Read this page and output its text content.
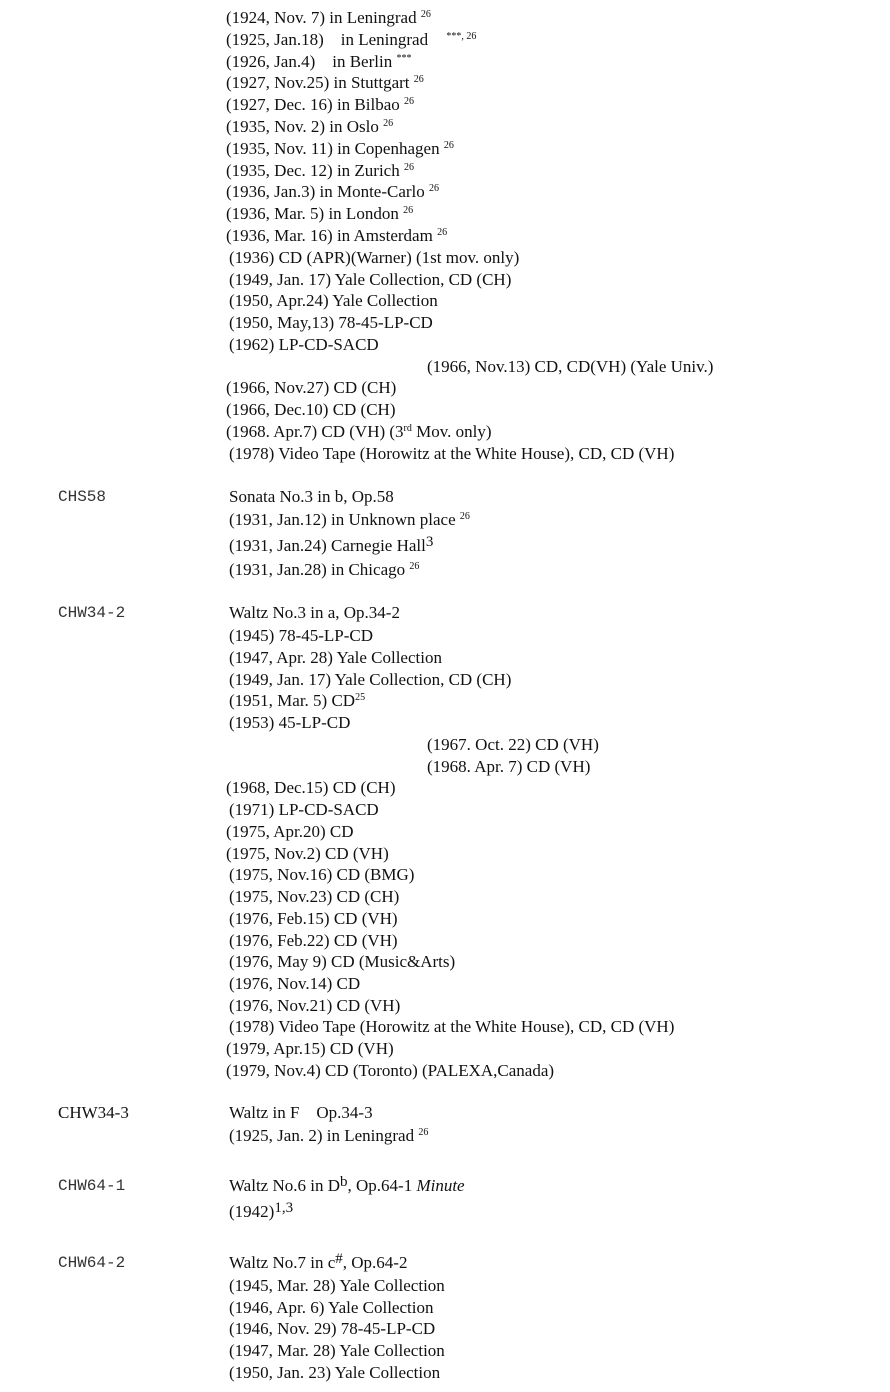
(1924, Nov. 7) in Leningrad $^{26}$
(1925, Jan.18)    in Leningrad $^{***, 26}$
(1926, Jan.4)    in Berlin ***
(1927, Nov.25) in Stuttgart $^{26}$
(1927, Dec. 16) in Bilbao $^{26}$
(1935, Nov. 2) in Oslo $^{26}$
(1935, Nov. 11) in Copenhagen $^{26}$
(1935, Dec. 12) in Zurich $^{26}$
(1936, Jan.3) in Monte-Carlo $^{26}$
(1936, Mar. 5) in London $^{26}$
(1936, Mar. 16) in Amsterdam $^{26}$
(1936) CD (APR)(Warner) (1st mov. only)
(1949, Jan. 17) Yale Collection, CD (CH)
(1950, Apr.24) Yale Collection
(1950, May,13) 78-45-LP-CD
(1962) LP-CD-SACD
(1966, Nov.13) CD, CD(VH) (Yale Univ.)
(1966, Nov.27) CD (CH)
(1966, Dec.10) CD (CH)
(1968. Apr.7) CD (VH) (3rd Mov. only)
(1978) Video Tape (Horowitz at the White House), CD, CD (VH)
CHS58	Sonata No.3 in b, Op.58
(1931, Jan.12) in Unknown place $^{26}$
(1931, Jan.24) Carnegie Hall$^3$
(1931, Jan.28) in Chicago $^{26}$
CHW34-2	Waltz No.3 in a, Op.34-2
(1945) 78-45-LP-CD
(1947, Apr. 28) Yale Collection
(1949, Jan. 17) Yale Collection, CD (CH)
(1951, Mar. 5) CD$^{25}$
(1953) 45-LP-CD
(1967. Oct. 22) CD (VH)
(1968. Apr. 7) CD (VH)
(1968, Dec.15) CD (CH)
(1971) LP-CD-SACD
(1975, Apr.20) CD
(1975, Nov.2) CD (VH)
(1975, Nov.16) CD (BMG)
(1975, Nov.23) CD (CH)
(1976, Feb.15) CD (VH)
(1976, Feb.22) CD (VH)
(1976, May 9) CD (Music&Arts)
(1976, Nov.14) CD
(1976, Nov.21) CD (VH)
(1978) Video Tape (Horowitz at the White House), CD, CD (VH)
(1979, Apr.15) CD (VH)
(1979, Nov.4) CD (Toronto) (PALEXA,Canada)
CHW34-3	Waltz in F    Op.34-3
(1925, Jan. 2) in Leningrad $^{26}$
CHW64-1	Waltz No.6 in $D^b$, Op.64-1 Minute
$(1942)^{1,3}$
CHW64-2	Waltz No.7 in c#, Op.64-2
(1945, Mar. 28) Yale Collection
(1946, Apr. 6) Yale Collection
(1946, Nov. 29) 78-45-LP-CD
(1947, Mar. 28) Yale Collection
(1950, Jan. 23) Yale Collection
